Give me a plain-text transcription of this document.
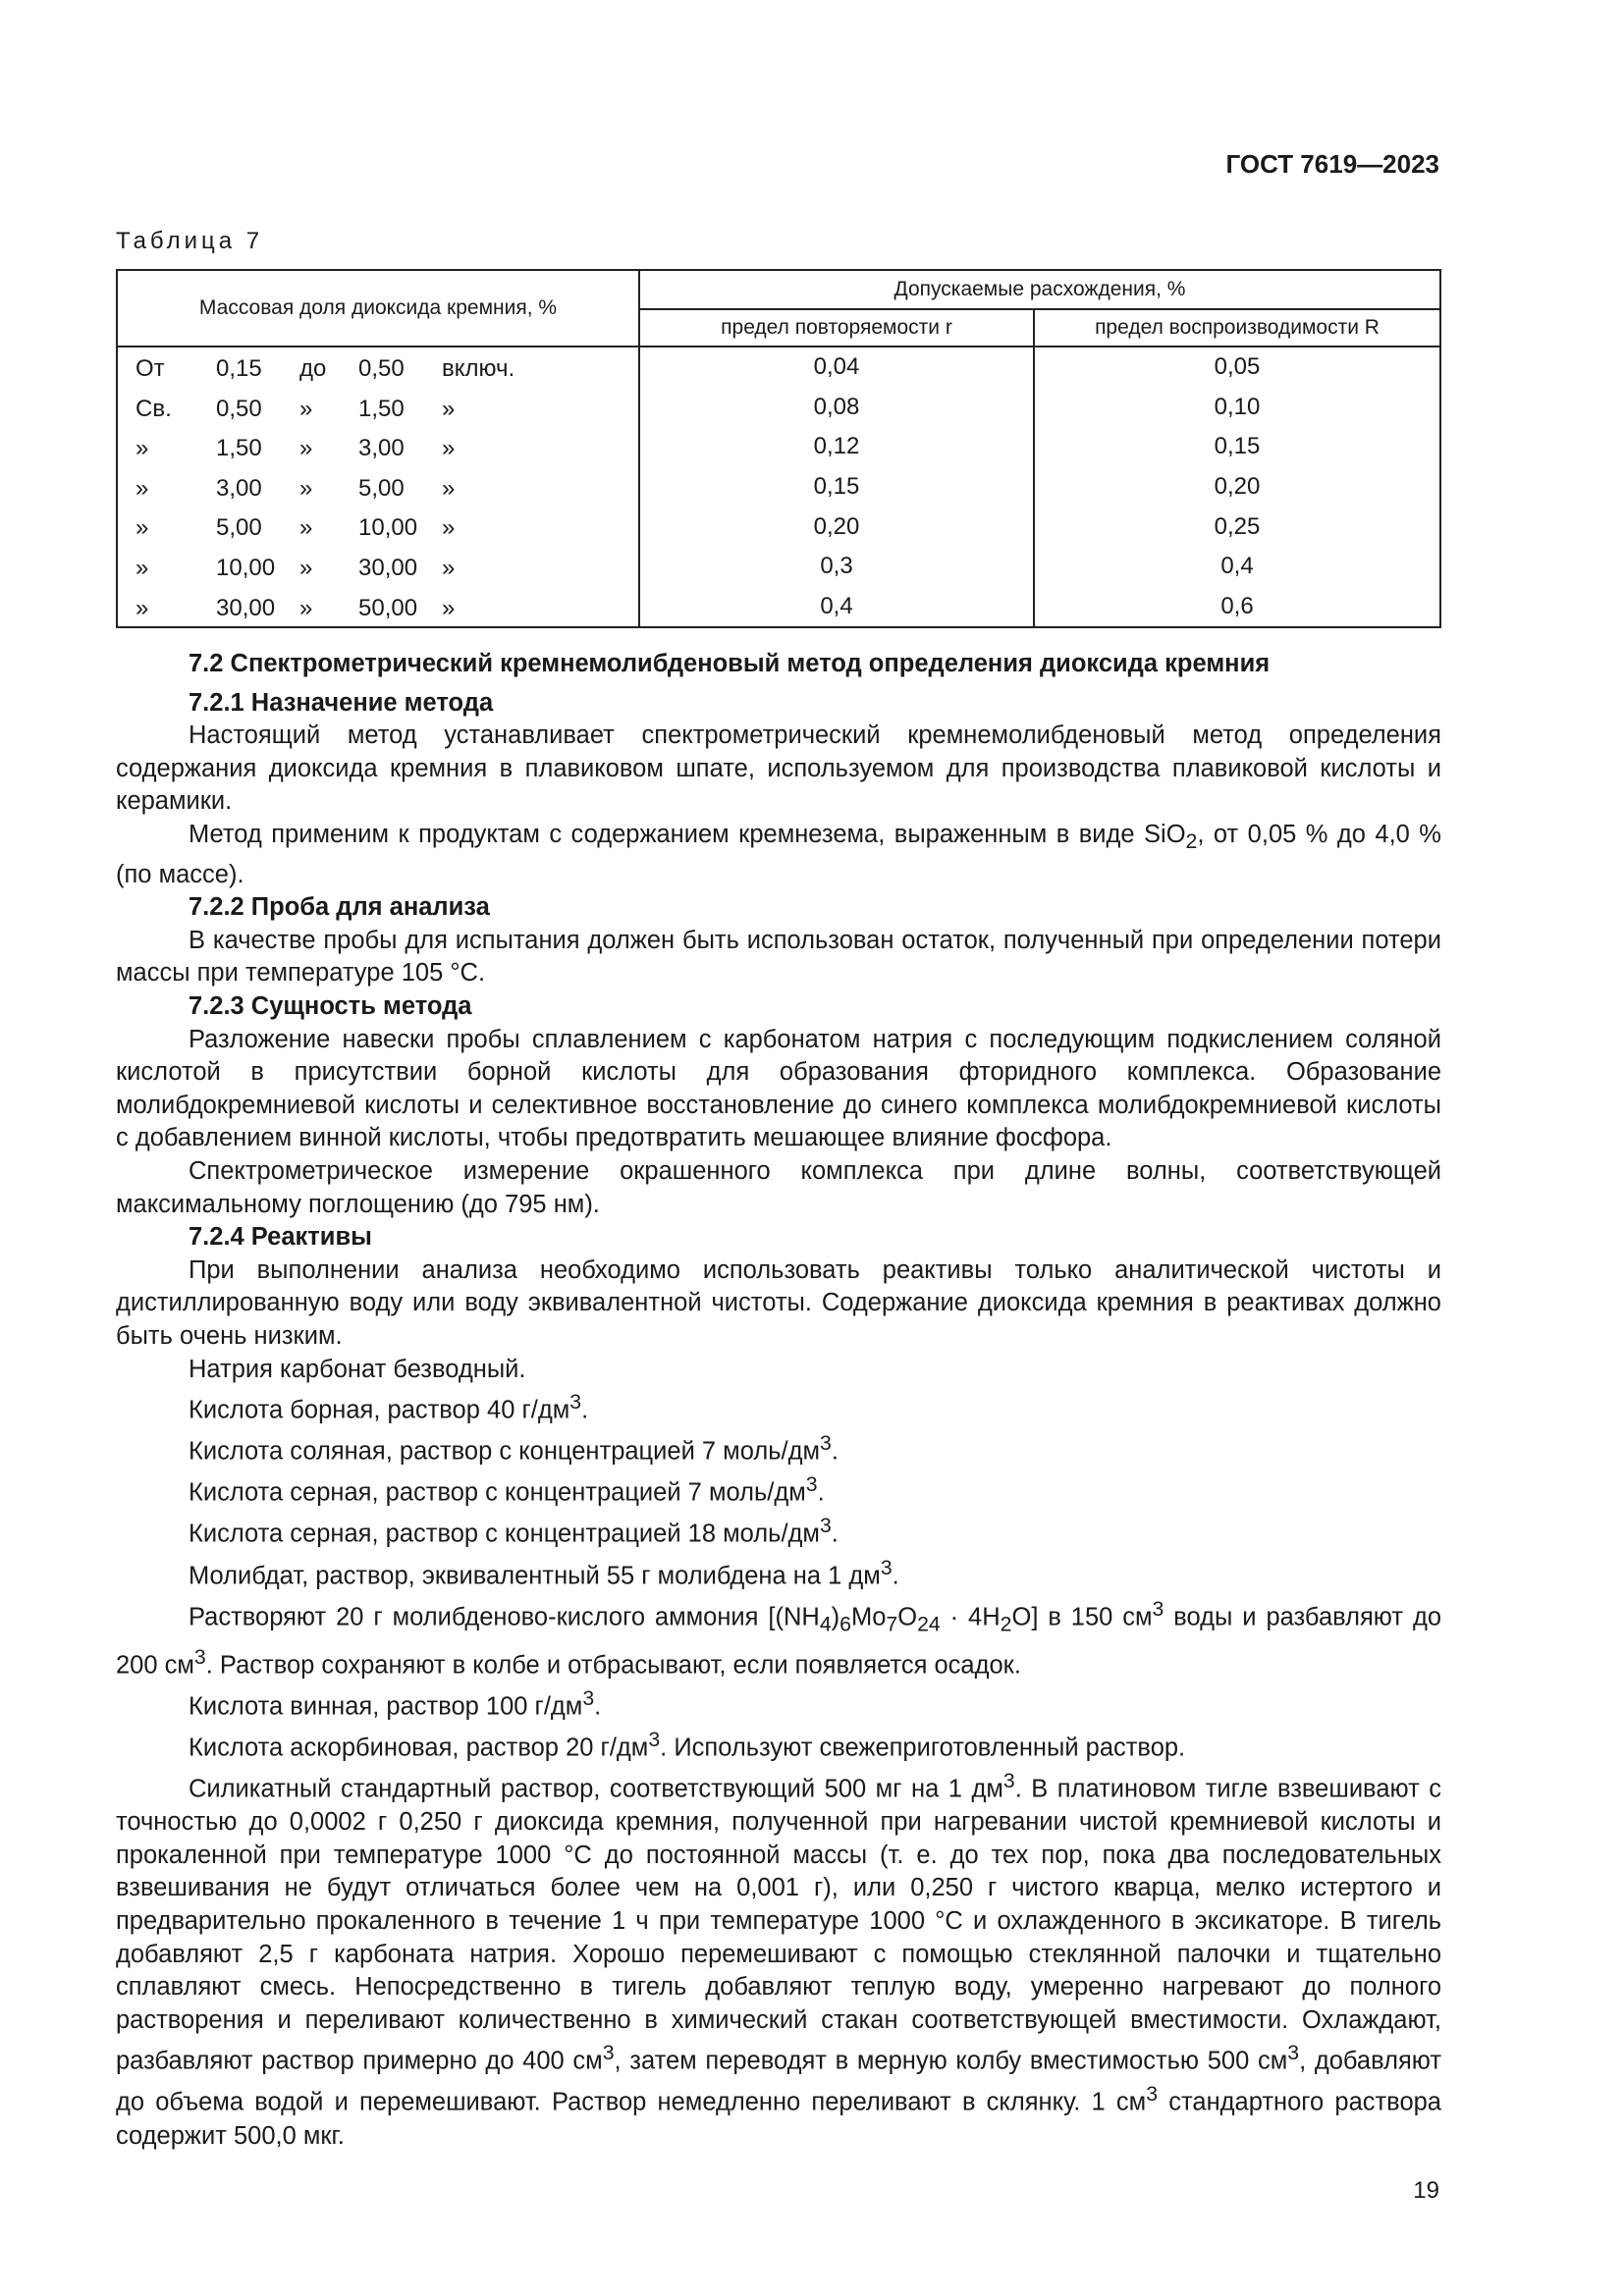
ГОСТ 7619—2023
Таблица 7
Массовая доля диоксида кремния, %	Допускаемые расхождения, %	
	предел повторяемости r	предел воспроизводимости R

От 0,15 до 0,50 включ.	0,04	0,05

Св. 0,50 » 1,50 »	0,08	0,10

» 1,50 » 3,00 »	0,12	0,15

» 3,00 » 5,00 »	0,15	0,20

» 5,00 » 10,00 »	0,20	0,25

» 10,00 » 30,00 »	0,3	0,4

» 30,00 » 50,00 »	0,4	0,6

7.2 Спектрометрический кремнемолибденовый метод определения диоксида кремния

7.2.1 Назначение метода

Настоящий метод устанавливает спектрометрический кремнемолибденовый метод определения содержания диоксида кремния в плавиковом шпате, используемом для производства плавиковой кислоты и керамики.

Метод применим к продуктам с содержанием кремнезема, выраженным в виде SiO$_2$, от 0,05 % до 4,0 % (по массе).

7.2.2 Проба для анализа

В качестве пробы для испытания должен быть использован остаток, полученный при определении потери массы при температуре 105 °C.

7.2.3 Сущность метода

Разложение навески пробы сплавлением с карбонатом натрия с последующим подкислением соляной кислотой в присутствии борной кислоты для образования фторидного комплекса. Образование молибдокремниевой кислоты и селективное восстановление до синего комплекса молибдокремниевой кислоты с добавлением винной кислоты, чтобы предотвратить мешающее влияние фосфора.

Спектрометрическое измерение окрашенного комплекса при длине волны, соответствующей максимальному поглощению (до 795 нм).

7.2.4 Реактивы

При выполнении анализа необходимо использовать реактивы только аналитической чистоты и дистиллированную воду или воду эквивалентной чистоты. Содержание диоксида кремния в реактивах должно быть очень низким.

Натрия карбонат безводный.

Кислота борная, раствор 40 $г/дм^3$.

Кислота соляная, раствор с концентрацией 7 моль/$дм^3$.

Кислота серная, раствор с концентрацией 7 моль/$дм^3$.

Кислота серная, раствор с концентрацией 18 моль/$дм^3$.

Молибдат, раствор, эквивалентный 55 г молибдена на 1 $дм^3$.

Растворяют 20 г молибденово-кислого аммония $[(NH_4)_6Mo_7O_{24} \cdot 4H_2O]$ в 150 $см^3$ воды и разбавляют до 200 $см^3$. Раствор сохраняют в колбе и отбрасывают, если появляется осадок.

Кислота винная, раствор 100 $г/дм^3$.

Кислота аскорбиновая, раствор 20 $г/дм^3$. Используют свежеприготовленный раствор.

Силикатный стандартный раствор, соответствующий 500 мг на 1 $дм^3$. В платиновом тигле взвешивают с точностью до 0,0002 г 0,250 г диоксида кремния, полученной при нагревании чистой кремниевой кислоты и прокаленной при температуре 1000 °C до постоянной массы (т. е. до тех пор, пока два последовательных взвешивания не будут отличаться более чем на 0,001 г), или 0,250 г чистого кварца, мелко истертого и предварительно прокаленного в течение 1 ч при температуре 1000 °C и охлажденного в эксикаторе. В тигель добавляют 2,5 г карбоната натрия. Хорошо перемешивают с помощью стеклянной палочки и тщательно сплавляют смесь. Непосредственно в тигель добавляют теплую воду, умеренно нагревают до полного растворения и переливают количественно в химический стакан соответствующей вместимости. Охлаждают, разбавляют раствор примерно до 400 $см^3$, затем переводят в мерную колбу вместимостью 500 $см^3$, добавляют до объема водой и перемешивают. Раствор немедленно переливают в склянку. 1 $см^3$ стандартного раствора содержит 500,0 мкг.

19
